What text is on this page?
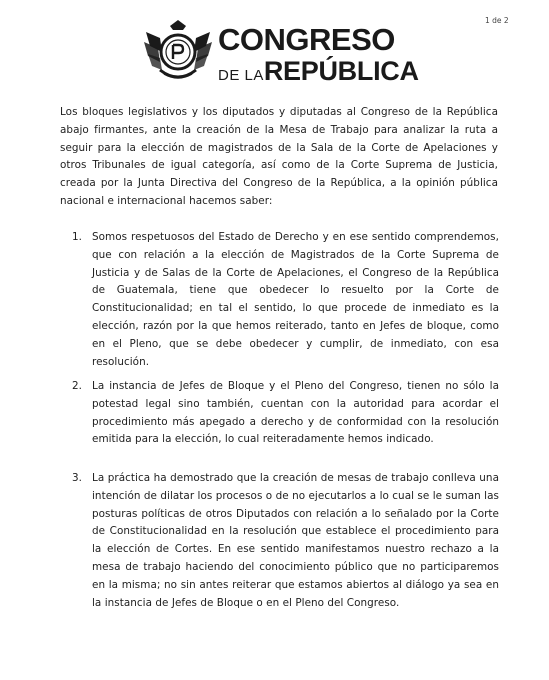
1 de 2
CONGRESO
DE LAREPÚBLICA

Los bloques legislativos y los diputados y diputadas al Congreso de la República abajo firmantes, ante la creación de la Mesa de Trabajo para analizar la ruta a seguir para la elección de magistrados de la Sala de la Corte de Apelaciones y otros Tribunales de igual categoría, así como de la Corte Suprema de Justicia, creada por la Junta Directiva del Congreso de la República, a la opinión pública nacional e internacional hacemos saber:

1. Somos respetuosos del Estado de Derecho y en ese sentido comprendemos, que con relación a la elección de Magistrados de la Corte Suprema de Justicia y de Salas de la Corte de Apelaciones, el Congreso de la República de Guatemala, tiene que obedecer lo resuelto por la Corte de Constitucionalidad; en tal el sentido, lo que procede de inmediato es la elección, razón por la que hemos reiterado, tanto en Jefes de bloque, como en el Pleno, que se debe obedecer y cumplir, de inmediato, con esa resolución.

2. La instancia de Jefes de Bloque y el Pleno del Congreso, tienen no sólo la potestad legal sino también, cuentan con la autoridad para acordar el procedimiento más apegado a derecho y de conformidad con la resolución emitida para la elección, lo cual reiteradamente hemos indicado.

3. La práctica ha demostrado que la creación de mesas de trabajo conlleva una intención de dilatar los procesos o de no ejecutarlos a lo cual se le suman las posturas políticas de otros Diputados con relación a lo señalado por la Corte de Constitucionalidad en la resolución que establece el procedimiento para la elección de Cortes. En ese sentido manifestamos nuestro rechazo a la mesa de trabajo haciendo del conocimiento público que no participaremos en la misma; no sin antes reiterar que estamos abiertos al diálogo ya sea en la instancia de Jefes de Bloque o en el Pleno del Congreso.
